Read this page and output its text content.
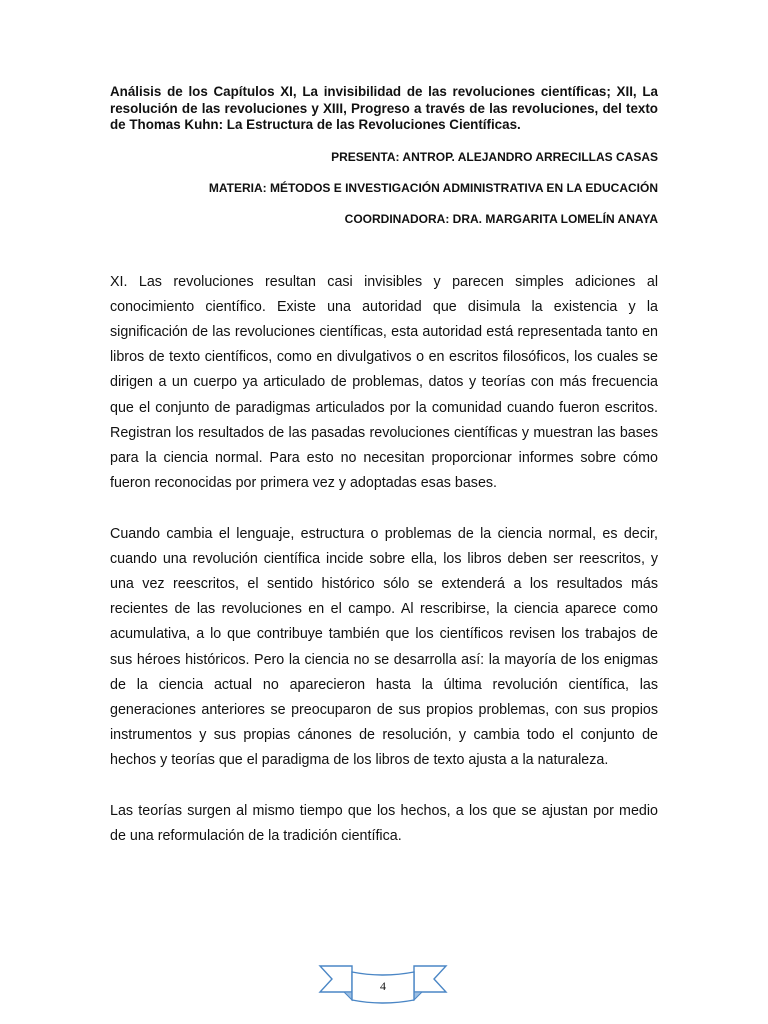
Análisis de los Capítulos XI, La invisibilidad de las revoluciones científicas; XII, La resolución de las revoluciones y XIII, Progreso a través de las revoluciones, del texto de Thomas Kuhn: La Estructura de las Revoluciones Científicas.

PRESENTA: ANTROP. ALEJANDRO ARRECILLAS CASAS

MATERIA: MÉTODOS E INVESTIGACIÓN ADMINISTRATIVA EN LA EDUCACIÓN

COORDINADORA: DRA. MARGARITA LOMELÍN ANAYA

XI. Las revoluciones resultan casi invisibles y parecen simples adiciones al conocimiento científico. Existe una autoridad que disimula la existencia y la significación de las revoluciones científicas, esta autoridad está representada tanto en libros de texto científicos, como en divulgativos o en escritos filosóficos, los cuales se dirigen a un cuerpo ya articulado de problemas, datos y teorías con más frecuencia que el conjunto de paradigmas articulados por la comunidad cuando fueron escritos. Registran los resultados de las pasadas revoluciones científicas y muestran las bases para la ciencia normal. Para esto no necesitan proporcionar informes sobre cómo fueron reconocidas por primera vez y adoptadas esas bases.

Cuando cambia el lenguaje, estructura o problemas de la ciencia normal, es decir, cuando una revolución científica incide sobre ella, los libros deben ser reescritos, y una vez reescritos, el sentido histórico sólo se extenderá a los resultados más recientes de las revoluciones en el campo. Al rescribirse, la ciencia aparece como acumulativa, a lo que contribuye también que los científicos revisen los trabajos de sus héroes históricos. Pero la ciencia no se desarrolla así: la mayoría de los enigmas de la ciencia actual no aparecieron hasta la última revolución científica, las generaciones anteriores se preocuparon de sus propios problemas, con sus propios instrumentos y sus propias cánones de resolución, y cambia todo el conjunto de hechos y teorías que el paradigma de los libros de texto ajusta a la naturaleza.

Las teorías surgen al mismo tiempo que los hechos, a los que se ajustan por medio de una reformulación de la tradición científica.

4
